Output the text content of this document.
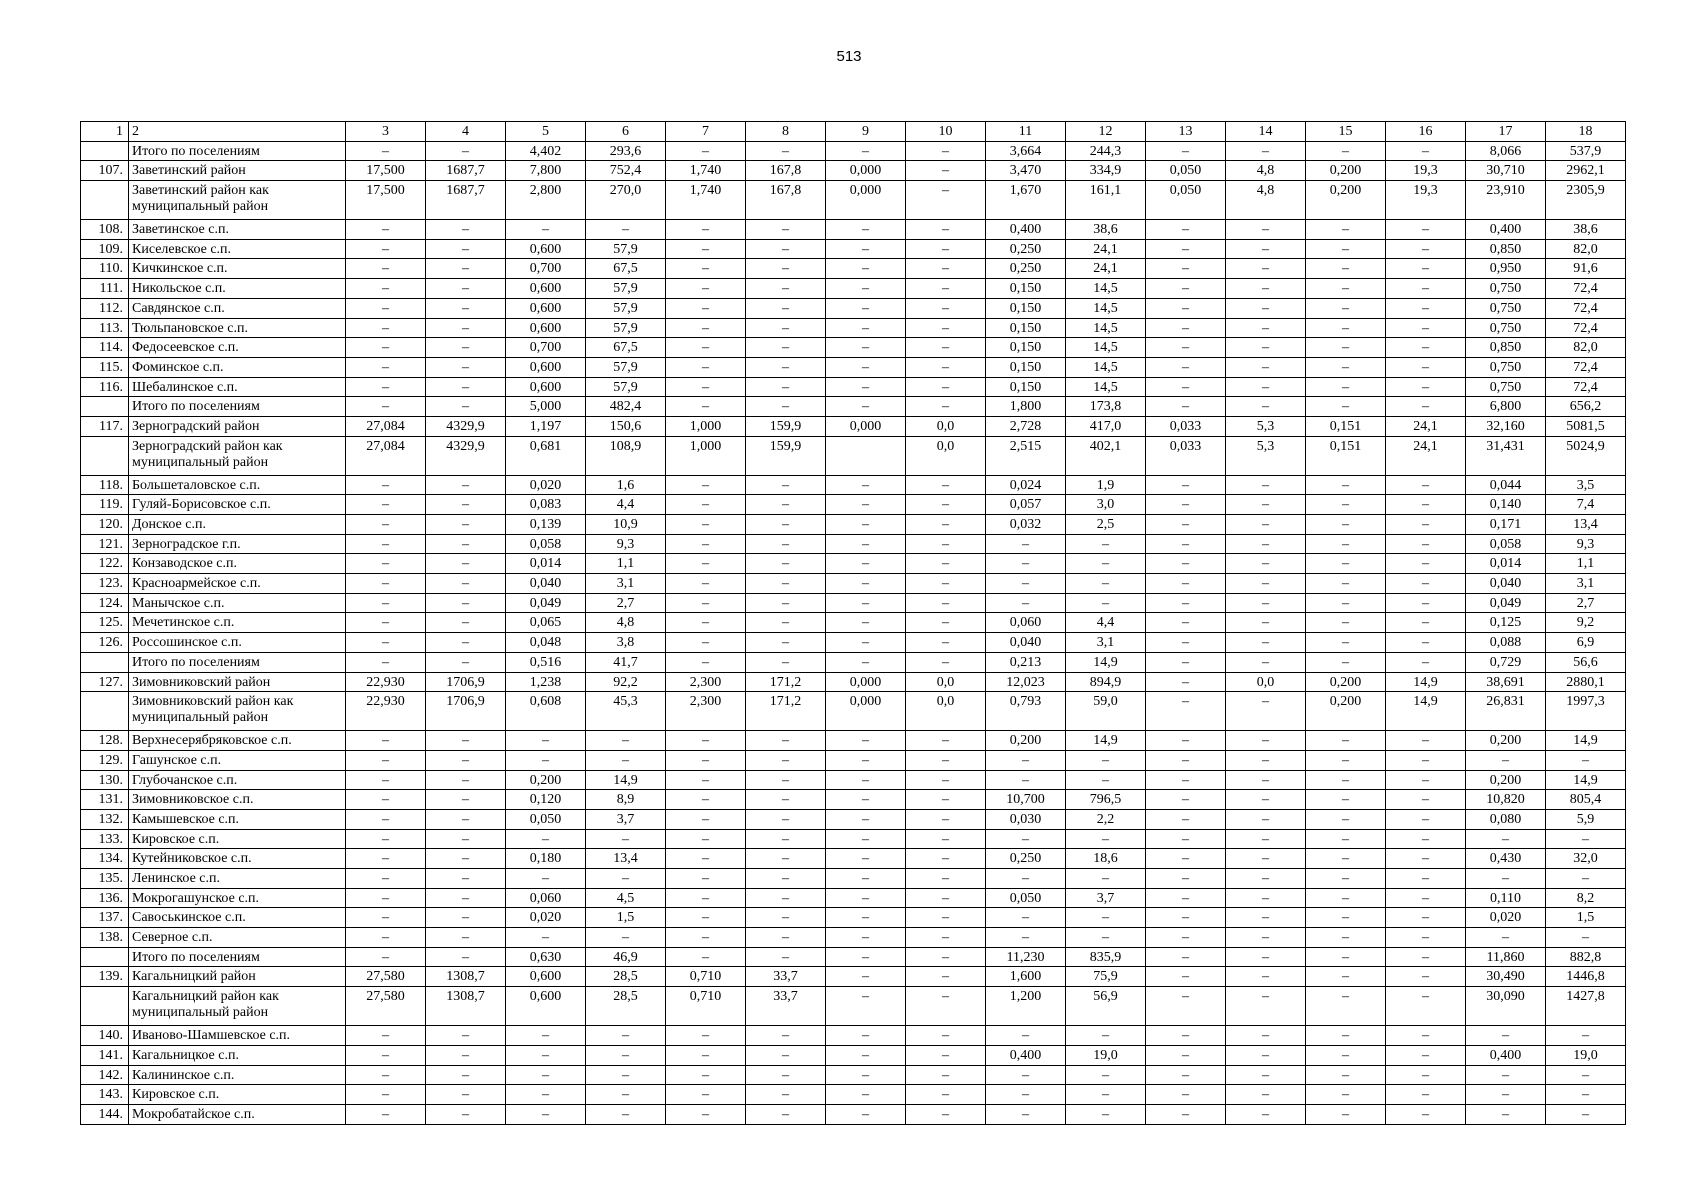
513
1	2	3	4	5	6	7	8	9	10	11	12	13	14	15	16	17	18
	Итого по поселениям	–	–	4,402	293,6	–	–	–	–	3,664	244,3	–	–	–	–	8,066	537,9
107.	Заветинский район	17,500	1687,7	7,800	752,4	1,740	167,8	0,000	–	3,470	334,9	0,050	4,8	0,200	19,3	30,710	2962,1
	Заветинский район как муниципальный район	17,500	1687,7	2,800	270,0	1,740	167,8	0,000	–	1,670	161,1	0,050	4,8	0,200	19,3	23,910	2305,9
108.	Заветинское с.п.	–	–	–	–	–	–	–	–	0,400	38,6	–	–	–	–	0,400	38,6
109.	Киселевское с.п.	–	–	0,600	57,9	–	–	–	–	0,250	24,1	–	–	–	–	0,850	82,0
110.	Кичкинское с.п.	–	–	0,700	67,5	–	–	–	–	0,250	24,1	–	–	–	–	0,950	91,6
111.	Никольское с.п.	–	–	0,600	57,9	–	–	–	–	0,150	14,5	–	–	–	–	0,750	72,4
112.	Савдянское с.п.	–	–	0,600	57,9	–	–	–	–	0,150	14,5	–	–	–	–	0,750	72,4
113.	Тюльпановское с.п.	–	–	0,600	57,9	–	–	–	–	0,150	14,5	–	–	–	–	0,750	72,4
114.	Федосеевское с.п.	–	–	0,700	67,5	–	–	–	–	0,150	14,5	–	–	–	–	0,850	82,0
115.	Фоминское с.п.	–	–	0,600	57,9	–	–	–	–	0,150	14,5	–	–	–	–	0,750	72,4
116.	Шебалинское с.п.	–	–	0,600	57,9	–	–	–	–	0,150	14,5	–	–	–	–	0,750	72,4
	Итого по поселениям	–	–	5,000	482,4	–	–	–	–	1,800	173,8	–	–	–	–	6,800	656,2
117.	Зерноградский район	27,084	4329,9	1,197	150,6	1,000	159,9	0,000	0,0	2,728	417,0	0,033	5,3	0,151	24,1	32,160	5081,5
	Зерноградский район как муниципальный район	27,084	4329,9	0,681	108,9	1,000	159,9		0,0	2,515	402,1	0,033	5,3	0,151	24,1	31,431	5024,9
118.	Большеталовское с.п.	–	–	0,020	1,6	–	–	–	–	0,024	1,9	–	–	–	–	0,044	3,5
119.	Гуляй-Борисовское с.п.	–	–	0,083	4,4	–	–	–	–	0,057	3,0	–	–	–	–	0,140	7,4
120.	Донское с.п.	–	–	0,139	10,9	–	–	–	–	0,032	2,5	–	–	–	–	0,171	13,4
121.	Зерноградское г.п.	–	–	0,058	9,3	–	–	–	–	–	–	–	–	–	–	0,058	9,3
122.	Конзаводское с.п.	–	–	0,014	1,1	–	–	–	–	–	–	–	–	–	–	0,014	1,1
123.	Красноармейское с.п.	–	–	0,040	3,1	–	–	–	–	–	–	–	–	–	–	0,040	3,1
124.	Манычское с.п.	–	–	0,049	2,7	–	–	–	–	–	–	–	–	–	–	0,049	2,7
125.	Мечетинское с.п.	–	–	0,065	4,8	–	–	–	–	0,060	4,4	–	–	–	–	0,125	9,2
126.	Россошинское с.п.	–	–	0,048	3,8	–	–	–	–	0,040	3,1	–	–	–	–	0,088	6,9
	Итого по поселениям	–	–	0,516	41,7	–	–	–	–	0,213	14,9	–	–	–	–	0,729	56,6
127.	Зимовниковский район	22,930	1706,9	1,238	92,2	2,300	171,2	0,000	0,0	12,023	894,9	–	0,0	0,200	14,9	38,691	2880,1
	Зимовниковский район как муниципальный район	22,930	1706,9	0,608	45,3	2,300	171,2	0,000	0,0	0,793	59,0	–	–	0,200	14,9	26,831	1997,3
128.	Верхнесерябряковское с.п.	–	–	–	–	–	–	–	–	0,200	14,9	–	–	–	–	0,200	14,9
129.	Гашунское с.п.	–	–	–	–	–	–	–	–	–	–	–	–	–	–	–	–
130.	Глубочанское с.п.	–	–	0,200	14,9	–	–	–	–	–	–	–	–	–	–	0,200	14,9
131.	Зимовниковское с.п.	–	–	0,120	8,9	–	–	–	–	10,700	796,5	–	–	–	–	10,820	805,4
132.	Камышевское с.п.	–	–	0,050	3,7	–	–	–	–	0,030	2,2	–	–	–	–	0,080	5,9
133.	Кировское с.п.	–	–	–	–	–	–	–	–	–	–	–	–	–	–	–	–
134.	Кутейниковское с.п.	–	–	0,180	13,4	–	–	–	–	0,250	18,6	–	–	–	–	0,430	32,0
135.	Ленинское с.п.	–	–	–	–	–	–	–	–	–	–	–	–	–	–	–	–
136.	Мокрогашунское с.п.	–	–	0,060	4,5	–	–	–	–	0,050	3,7	–	–	–	–	0,110	8,2
137.	Савоськинское с.п.	–	–	0,020	1,5	–	–	–	–	–	–	–	–	–	–	0,020	1,5
138.	Северное с.п.	–	–	–	–	–	–	–	–	–	–	–	–	–	–	–	–
	Итого по поселениям	–	–	0,630	46,9	–	–	–	–	11,230	835,9	–	–	–	–	11,860	882,8
139.	Кагальницкий район	27,580	1308,7	0,600	28,5	0,710	33,7	–	–	1,600	75,9	–	–	–	–	30,490	1446,8
	Кагальницкий район как муниципальный район	27,580	1308,7	0,600	28,5	0,710	33,7	–	–	1,200	56,9	–	–	–	–	30,090	1427,8
140.	Иваново-Шамшевское с.п.	–	–	–	–	–	–	–	–	–	–	–	–	–	–	–	–
141.	Кагальницкое с.п.	–	–	–	–	–	–	–	–	0,400	19,0	–	–	–	–	0,400	19,0
142.	Калининское с.п.	–	–	–	–	–	–	–	–	–	–	–	–	–	–	–	–
143.	Кировское с.п.	–	–	–	–	–	–	–	–	–	–	–	–	–	–	–	–
144.	Мокробатайское с.п.	–	–	–	–	–	–	–	–	–	–	–	–	–	–	–	–
